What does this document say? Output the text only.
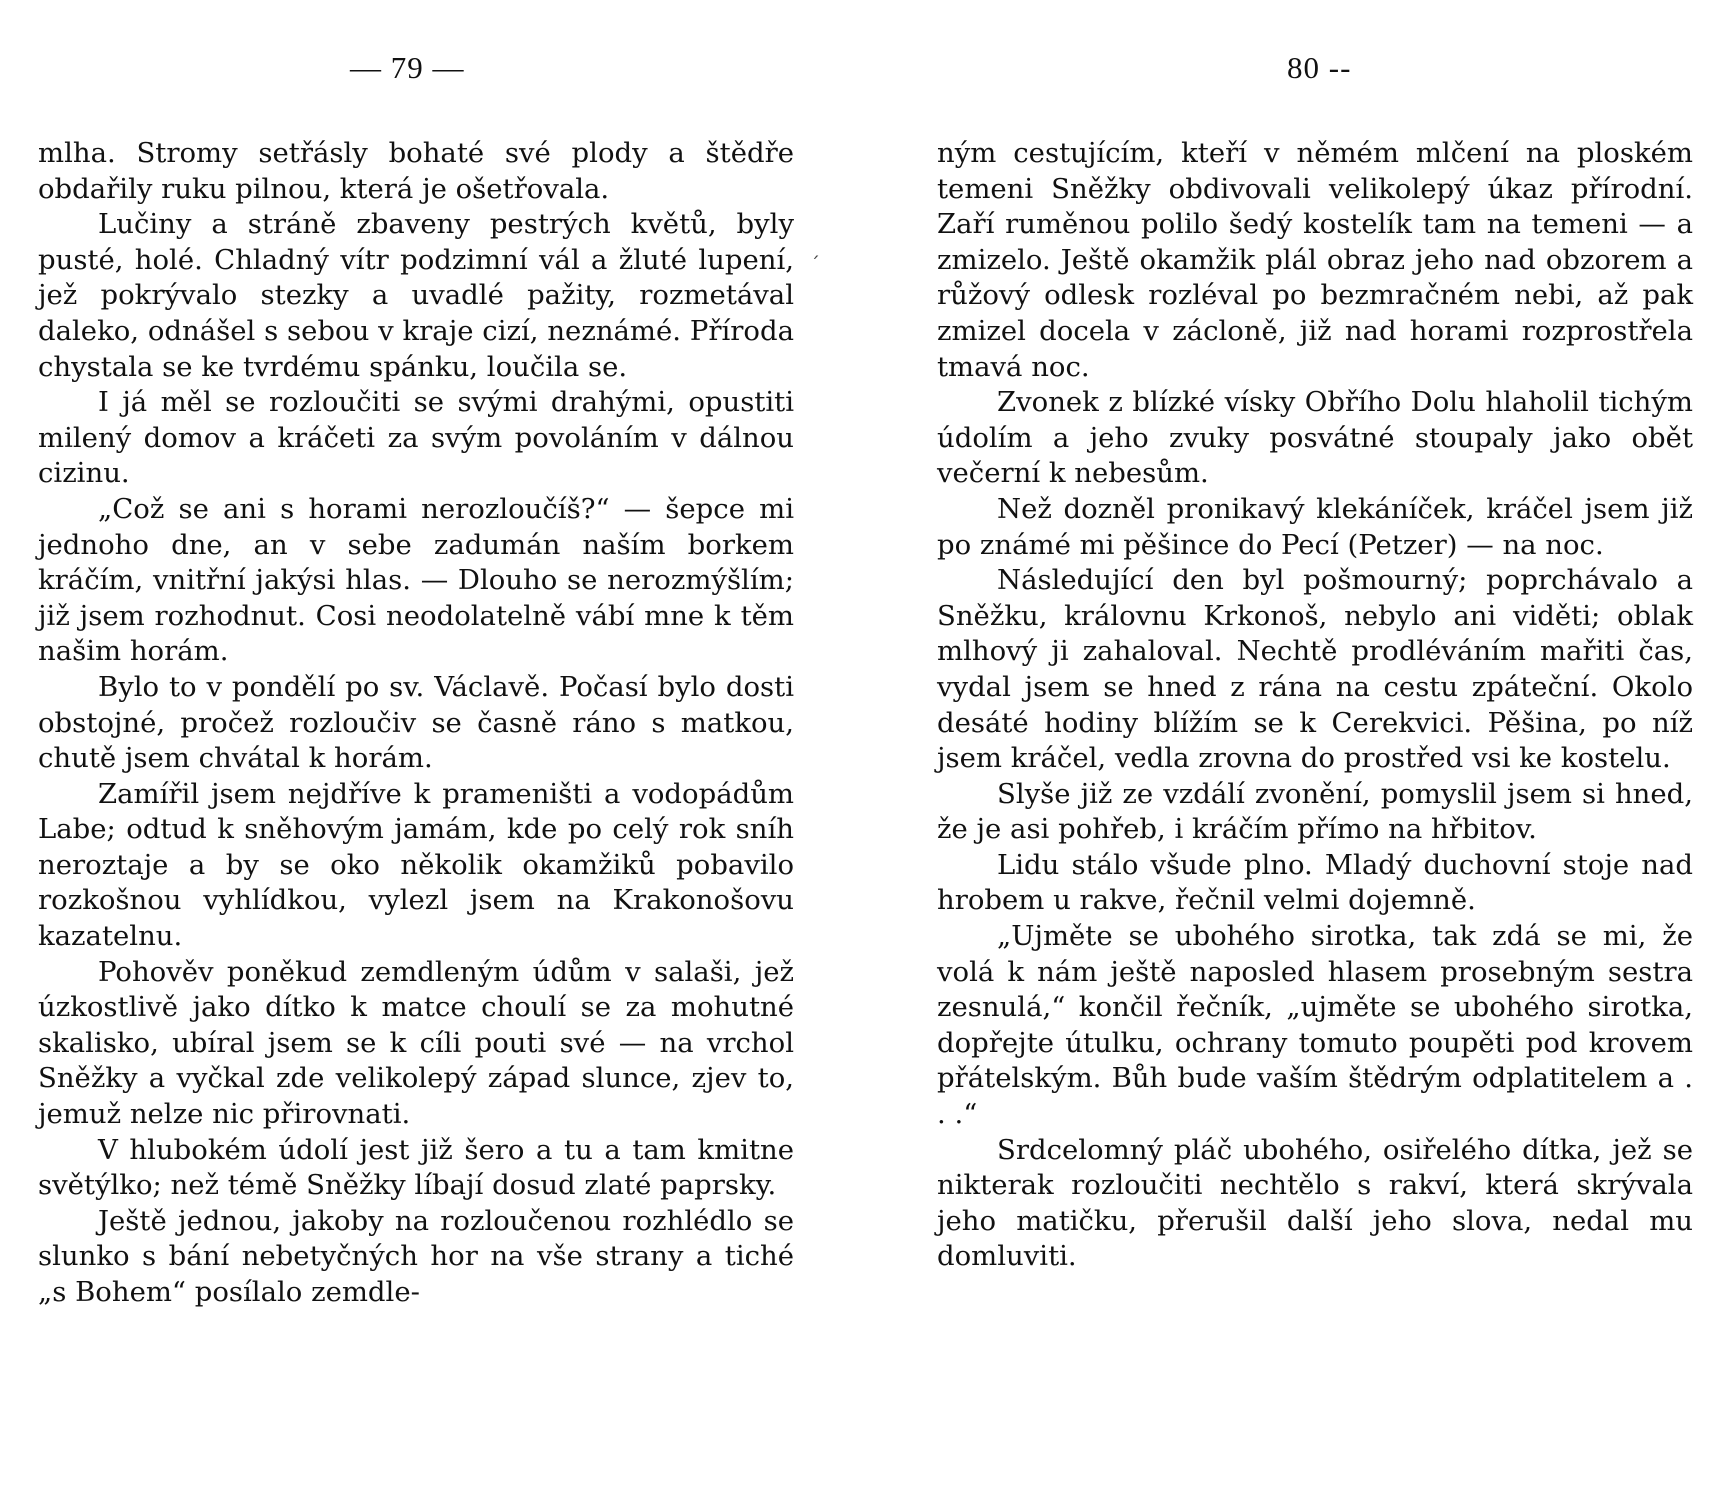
— 79 —

mlha. Stromy setřásly bohaté své plody a štědře obdařily ruku pilnou, která je ošetřovala.

Lučiny a stráně zbaveny pestrých květů, byly pusté, holé. Chladný vítr podzimní vál a žluté lupení, jež pokrývalo stezky a uvadlé pažity, rozmetával daleko, odnášel s sebou v kraje cizí, neznámé. Příroda chystala se ke tvrdému spánku, loučila se.

I já měl se rozloučiti se svými drahými, opustiti milený domov a kráčeti za svým povoláním v dálnou cizinu.

„Což se ani s horami nerozloučíš?“ — šepce mi jednoho dne, an v sebe zadumán naším borkem kráčím, vnitřní jakýsi hlas. — Dlouho se nerozmýšlím; již jsem rozhodnut. Cosi neodolatelně vábí mne k těm našim horám.

Bylo to v pondělí po sv. Václavě. Počasí bylo dosti obstojné, pročež rozloučiv se časně ráno s matkou, chutě jsem chvátal k horám.

Zamířil jsem nejdříve k prameništi a vodopádům Labe; odtud k sněhovým jamám, kde po celý rok sníh neroztaje a by se oko několik okamžiků pobavilo rozkošnou vyhlídkou, vylezl jsem na Krakonošovu kazatelnu.

Pohověv poněkud zemdleným údům v salaši, jež úzkostlivě jako dítko k matce choulí se za mohutné skalisko, ubíral jsem se k cíli pouti své — na vrchol Sněžky a vyčkal zde velikolepý západ slunce, zjev to, jemuž nelze nic přirovnati.

V hlubokém údolí jest již šero a tu a tam kmitne světýlko; než témě Sněžky líbají dosud zlaté paprsky.

Ještě jednou, jakoby na rozloučenou rozhlédlo se slunko s bání nebetyčných hor na vše strany a tiché „s Bohem“ posílalo zemdle-

´
80 --

ným cestujícím, kteří v němém mlčení na ploském temeni Sněžky obdivovali velikolepý úkaz přírodní. Zaří ruměnou polilo šedý kostelík tam na temeni — a zmizelo. Ještě okamžik plál obraz jeho nad obzorem a růžový odlesk rozléval po bezmračném nebi, až pak zmizel docela v zácloně, již nad horami rozprostřela tmavá noc.

Zvonek z blízké vísky Obřího Dolu hlaholil tichým údolím a jeho zvuky posvátné stoupaly jako obět večerní k nebesům.

Než dozněl pronikavý klekáníček, kráčel jsem již po známé mi pěšince do Pecí (Petzer) — na noc.

Následující den byl pošmourný; poprchávalo a Sněžku, královnu Krkonoš, nebylo ani viděti; oblak mlhový ji zahaloval. Nechtě prodléváním mařiti čas, vydal jsem se hned z rána na cestu zpáteční. Okolo desáté hodiny blížím se k Cerekvici. Pěšina, po níž jsem kráčel, vedla zrovna do prostřed vsi ke kostelu.

Slyše již ze vzdálí zvonění, pomyslil jsem si hned, že je asi pohřeb, i kráčím přímo na hřbitov.

Lidu stálo všude plno. Mladý duchovní stoje nad hrobem u rakve, řečnil velmi dojemně.

„Ujměte se ubohého sirotka, tak zdá se mi, že volá k nám ještě naposled hlasem prosebným sestra zesnulá,“ končil řečník, „ujměte se ubohého sirotka, dopřejte útulku, ochrany tomuto poupěti pod krovem přátelským. Bůh bude vaším štědrým odplatitelem a . . .“

Srdcelomný pláč ubohého, osiřelého dítka, jež se nikterak rozloučiti nechtělo s rakví, která skrývala jeho matičku, přerušil další jeho slova, nedal mu domluviti.
